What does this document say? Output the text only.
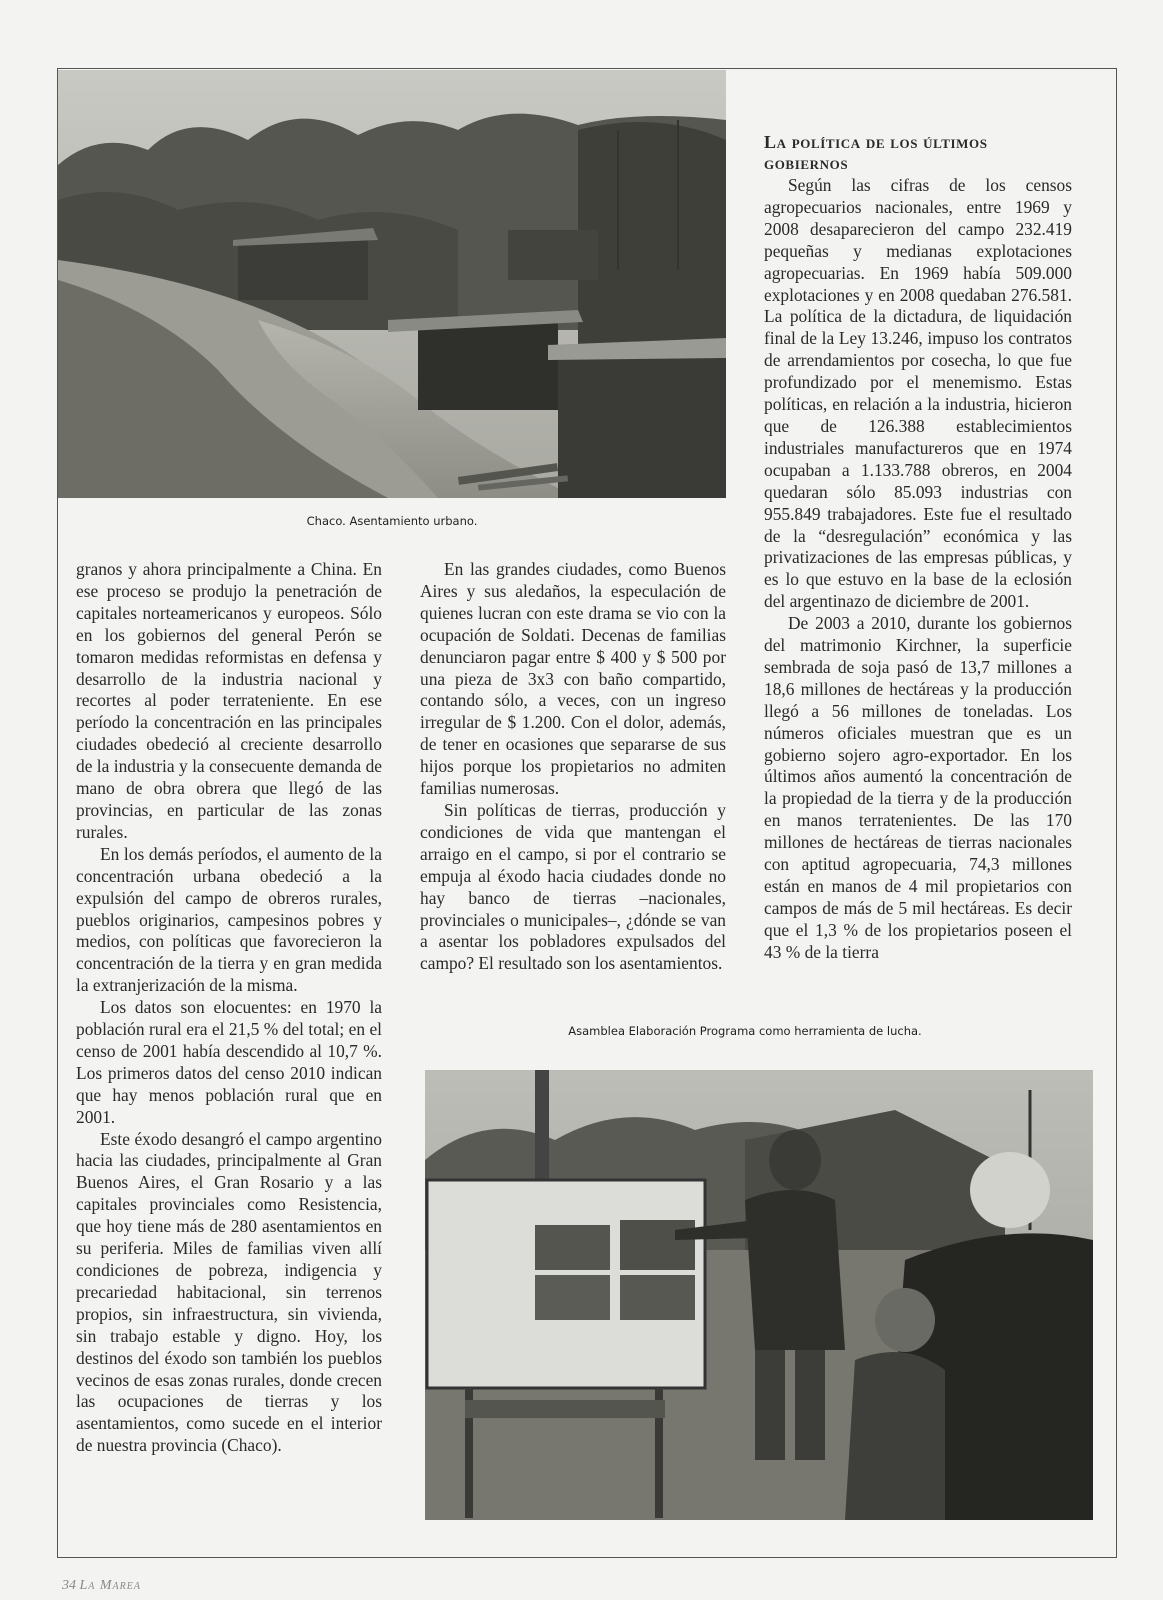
Chaco. Asentamiento urbano.

granos y ahora principalmente a China. En ese proceso se produjo la penetración de capitales norteamericanos y europeos. Sólo en los gobiernos del general Perón se tomaron medidas reformistas en defensa y desarrollo de la industria nacional y recortes al poder terrateniente. En ese período la concentración en las principales ciudades obedeció al creciente desarrollo de la industria y la consecuente demanda de mano de obra obrera que llegó de las provincias, en particular de las zonas rurales.

En los demás períodos, el aumento de la concentración urbana obedeció a la expulsión del campo de obreros rurales, pueblos originarios, campesinos pobres y medios, con políticas que favorecieron la concentración de la tierra y en gran medida la extranjerización de la misma.

Los datos son elocuentes: en 1970 la población rural era el 21,5 % del total; en el censo de 2001 había descendido al 10,7 %. Los primeros datos del censo 2010 indican que hay menos población rural que en 2001.

Este éxodo desangró el campo argentino hacia las ciudades, principalmente al Gran Buenos Aires, el Gran Rosario y a las capitales provinciales como Resistencia, que hoy tiene más de 280 asentamientos en su periferia. Miles de familias viven allí condiciones de pobreza, indigencia y precariedad habitacional, sin terrenos propios, sin infraestructura, sin vivienda, sin trabajo estable y digno. Hoy, los destinos del éxodo son también los pueblos vecinos de esas zonas rurales, donde crecen las ocupaciones de tierras y los asentamientos, como sucede en el interior de nuestra provincia (Chaco).

En las grandes ciudades, como Buenos Aires y sus aledaños, la especulación de quienes lucran con este drama se vio con la ocupación de Soldati. Decenas de familias denunciaron pagar entre $ 400 y $ 500 por una pieza de 3x3 con baño compartido, contando sólo, a veces, con un ingreso irregular de $ 1.200. Con el dolor, además, de tener en ocasiones que separarse de sus hijos porque los propietarios no admiten familias numerosas.

Sin políticas de tierras, producción y condiciones de vida que mantengan el arraigo en el campo, si por el contrario se empuja al éxodo hacia ciudades donde no hay banco de tierras –nacionales, provinciales o municipales–, ¿dónde se van a asentar los pobladores expulsados del campo? El resultado son los asentamientos.

La política de los últimos gobiernos

Según las cifras de los censos agropecuarios nacionales, entre 1969 y 2008 desaparecieron del campo 232.419 pequeñas y medianas explotaciones agropecuarias. En 1969 había 509.000 explotaciones y en 2008 quedaban 276.581. La política de la dictadura, de liquidación final de la Ley 13.246, impuso los contratos de arrendamientos por cosecha, lo que fue profundizado por el menemismo. Estas políticas, en relación a la industria, hicieron que de 126.388 establecimientos industriales manufactureros que en 1974 ocupaban a 1.133.788 obreros, en 2004 quedaran sólo 85.093 industrias con 955.849 trabajadores. Este fue el resultado de la “desregulación” económica y las privatizaciones de las empresas públicas, y es lo que estuvo en la base de la eclosión del argentinazo de diciembre de 2001.

De 2003 a 2010, durante los gobiernos del matrimonio Kirchner, la superficie sembrada de soja pasó de 13,7 millones a 18,6 millones de hectáreas y la producción llegó a 56 millones de toneladas. Los números oficiales muestran que es un gobierno sojero agro-exportador. En los últimos años aumentó la concentración de la propiedad de la tierra y de la producción en manos terratenientes. De las 170 millones de hectáreas de tierras nacionales con aptitud agropecuaria, 74,3 millones están en manos de 4 mil propietarios con campos de más de 5 mil hectáreas. Es decir que el 1,3 % de los propietarios poseen el 43 % de la tierra

Asamblea Elaboración Programa como herramienta de lucha.
34 La Marea
